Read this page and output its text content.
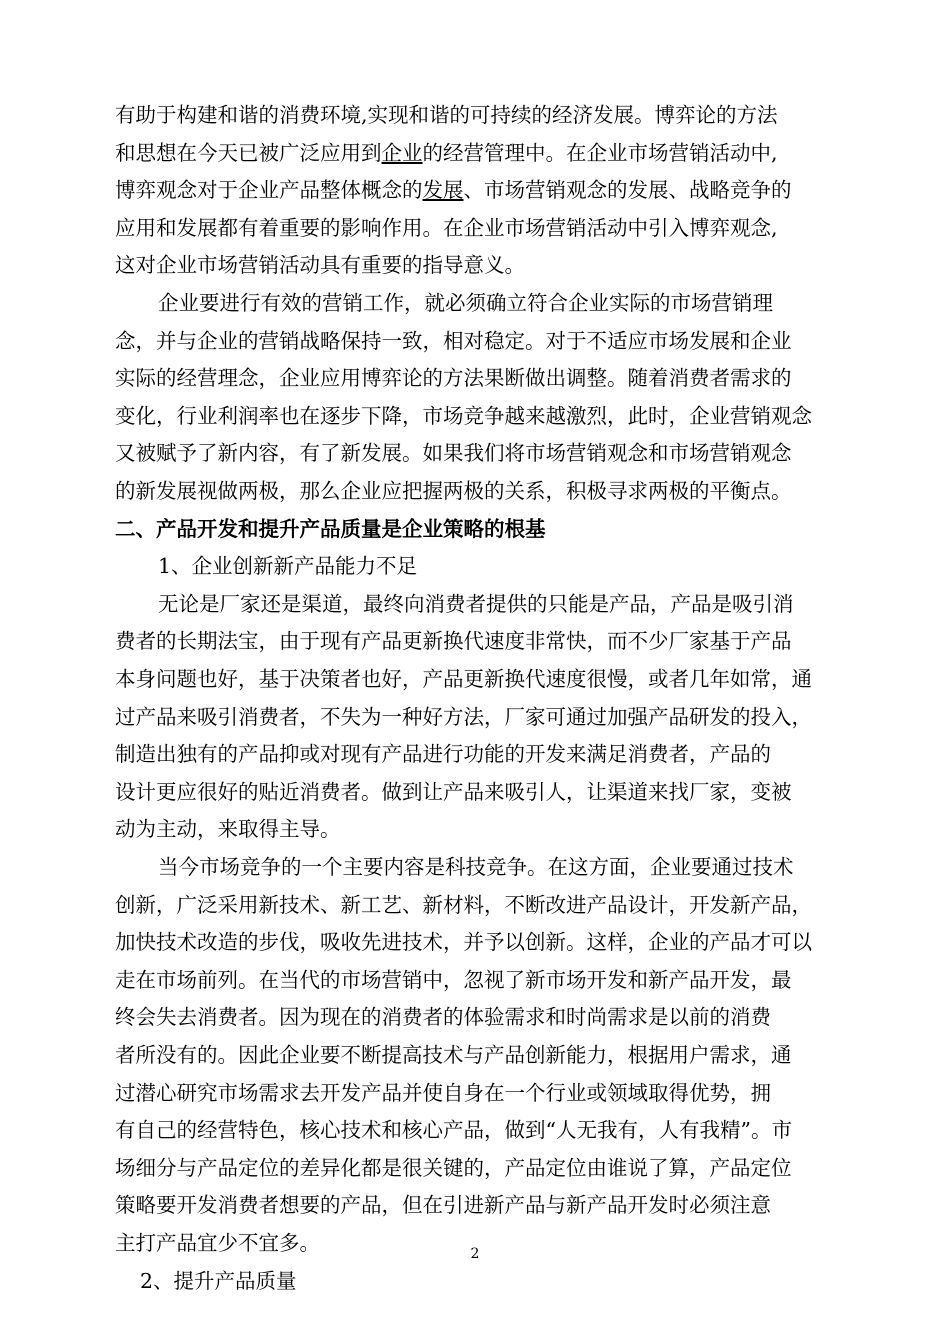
有助于构建和谐的消费环境,实现和谐的可持续的经济发展。博弈论的方法
和思想在今天已被广泛应用到企业的经营管理中。在企业市场营销活动中,
博弈观念对于企业产品整体概念的发展、市场营销观念的发展、战略竞争的
应用和发展都有着重要的影响作用。在企业市场营销活动中引入博弈观念,
这对企业市场营销活动具有重要的指导意义。
企业要进行有效的营销工作，就必须确立符合企业实际的市场营销理
念，并与企业的营销战略保持一致，相对稳定。对于不适应市场发展和企业
实际的经营理念，企业应用博弈论的方法果断做出调整。随着消费者需求的
变化，行业利润率也在逐步下降，市场竞争越来越激烈，此时，企业营销观念
又被赋予了新内容，有了新发展。如果我们将市场营销观念和市场营销观念
的新发展视做两极，那么企业应把握两极的关系，积极寻求两极的平衡点。
二、产品开发和提升产品质量是企业策略的根基
1、企业创新新产品能力不足
无论是厂家还是渠道，最终向消费者提供的只能是产品，产品是吸引消
费者的长期法宝，由于现有产品更新换代速度非常快，而不少厂家基于产品
本身问题也好，基于决策者也好，产品更新换代速度很慢，或者几年如常，通
过产品来吸引消费者，不失为一种好方法，厂家可通过加强产品研发的投入，
制造出独有的产品抑或对现有产品进行功能的开发来满足消费者，产品的
设计更应很好的贴近消费者。做到让产品来吸引人，让渠道来找厂家，变被
动为主动，来取得主导。
当今市场竞争的一个主要内容是科技竞争。在这方面，企业要通过技术
创新，广泛采用新技术、新工艺、新材料，不断改进产品设计，开发新产品，
加快技术改造的步伐，吸收先进技术，并予以创新。这样，企业的产品才可以
走在市场前列。在当代的市场营销中，忽视了新市场开发和新产品开发，最
终会失去消费者。因为现在的消费者的体验需求和时尚需求是以前的消费
者所没有的。因此企业要不断提高技术与产品创新能力，根据用户需求，通
过潜心研究市场需求去开发产品并使自身在一个行业或领域取得优势，拥
有自己的经营特色，核心技术和核心产品，做到“人无我有，人有我精”。市
场细分与产品定位的差异化都是很关键的，产品定位由谁说了算，产品定位
策略要开发消费者想要的产品，但在引进新产品与新产品开发时必须注意
主打产品宜少不宜多。
2、提升产品质量
2
